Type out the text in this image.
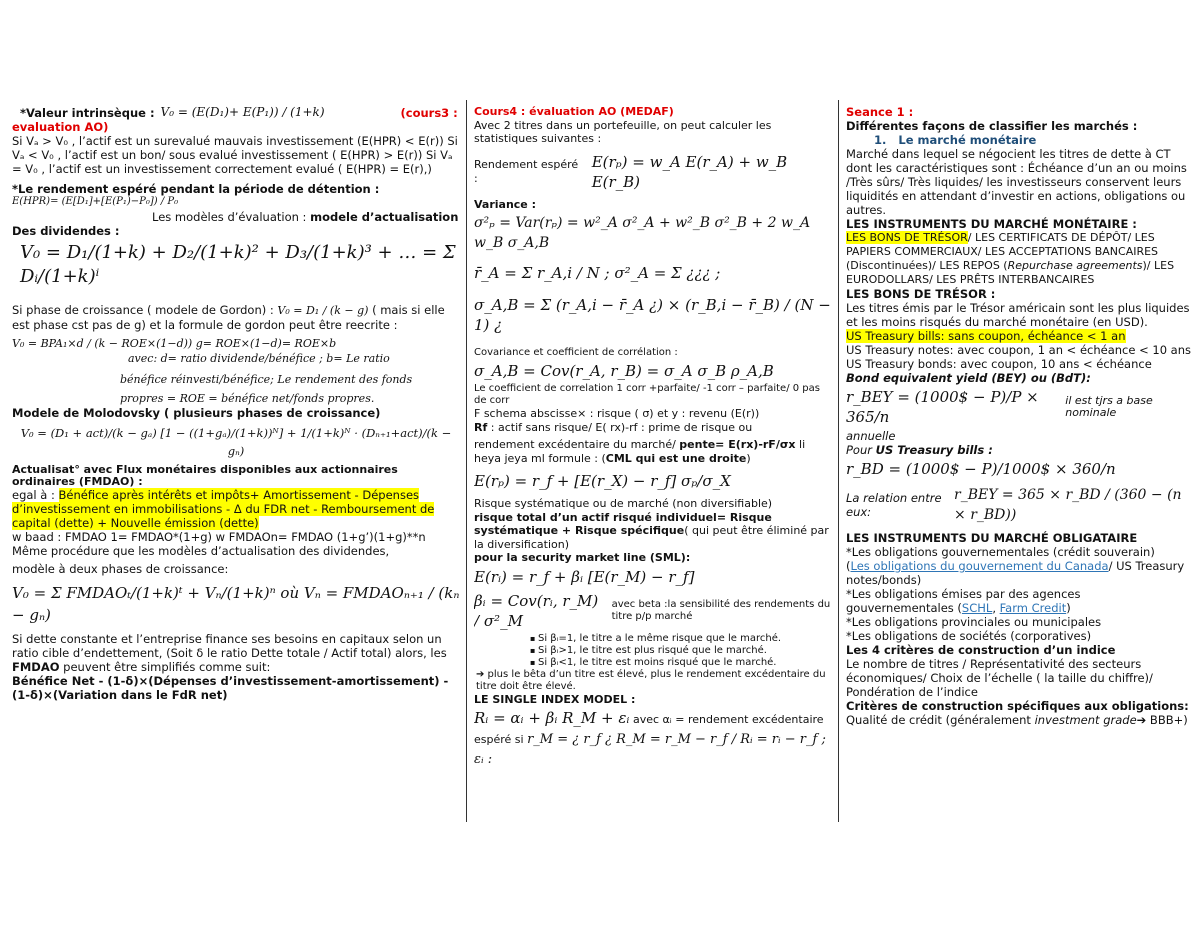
*Valeur intrinsèque : V₀ = (E(D₁)+ E(P₁)) / (1+k)	(cours3 :
evaluation AO)
Si Vₐ > V₀ , l’actif est un surevalué mauvais investissement (E(HPR) < E(r)) Si Vₐ < V₀ , l’actif est un bon/ sous evalué investissement ( E(HPR) > E(r)) Si Vₐ = V₀ , l’actif est un investissement correctement evalué ( E(HPR) = E(r),)
*Le rendement espéré pendant la période de détention :
E(HPR)= (E[D₁]+[E(P₁)−P₀]) / P₀
Les modèles d’évaluation : modele d’actualisation Des dividendes :
V₀ = D₁/(1+k) + D₂/(1+k)² + D₃/(1+k)³ + … = Σ Dᵢ/(1+k)ⁱ
Si phase de croissance ( modele de Gordon) : V₀ = D₁ / (k − g) ( mais si elle est phase cst pas de g) et la formule de gordon peut être reecrite :
V₀ = BPA₁×d / (k − ROE×(1−d)) g= ROE×(1−d)= ROE×b
avec: d= ratio dividende/bénéfice ; b= Le ratio
bénéfice réinvesti/bénéfice; Le rendement des fonds
propres = ROE = bénéfice net/fonds propres.
Modele de Molodovsky ( plusieurs phases de croissance)
V₀ = (D₁ + act)/(k − gₐ) [1 − ((1+gₐ)/(1+k))ᴺ] + 1/(1+k)ᴺ · (Dₙ₊₁+act)/(k − gₙ)
Actualisat° avec Flux monétaires disponibles aux actionnaires ordinaires (FMDAO) :
egal à : Bénéfice après intérêts et impôts+ Amortissement - Dépenses d’investissement en immobilisations - Δ du FDR net - Remboursement de capital (dette) + Nouvelle émission (dette)
w baad : FMDAO 1= FMDAO*(1+g) w FMDAOn= FMDAO (1+g’)(1+g)**n
Même procédure que les modèles d’actualisation des dividendes,
modèle à deux phases de croissance:
V₀ = Σ FMDAOₜ/(1+k)ᵗ + Vₙ/(1+k)ⁿ où Vₙ = FMDAOₙ₊₁ / (kₙ − gₙ)
Si dette constante et l’entreprise finance ses besoins en capitaux selon un ratio cible d’endettement, (Soit δ le ratio Dette totale / Actif total) alors, les FMDAO peuvent être simplifiés comme suit:
Bénéfice Net - (1-δ)×(Dépenses d’investissement-amortissement) - (1-δ)×(Variation dans le FdR net)
Cours4 : évaluation AO (MEDAF)
Avec 2 titres dans un portefeuille, on peut calculer les statistiques suivantes :
Rendement espéré :
E(rₚ) = w_A E(r_A) + w_B E(r_B)
Variance :
σ²ₚ = Var(rₚ) = w²_A σ²_A + w²_B σ²_B + 2 w_A w_B σ_A,B
r̄_A = Σ r_A,i / N ; σ²_A = Σ ¿¿¿ ;
σ_A,B = Σ (r_A,i − r̄_A ¿) × (r_B,i − r̄_B) / (N − 1) ¿
Covariance et coefficient de corrélation :
σ_A,B = Cov(r_A, r_B) = σ_A σ_B ρ_A,B
Le coefficient de correlation 1 corr +parfaite/ -1 corr – parfaite/ 0 pas de corr
F schema abscisse× : risque ( σ) et y : revenu (E(r))
Rf : actif sans risque/ E( rx)-rf : prime de risque ou
rendement excédentaire du marché/ pente= E(rx)-rF/σx li heya jeya ml formule : (CML qui est une droite)
E(rₚ) = r_f + [E(r_X) − r_f] σₚ/σ_X
Risque systématique ou de marché (non diversifiable)
risque total d’un actif risqué individuel= Risque systématique + Risque spécifique( qui peut être éliminé par la diversification)
pour la security market line (SML):
E(rᵢ) = r_f + βᵢ [E(r_M) − r_f]
βᵢ = Cov(rᵢ, r_M) / σ²_M
avec beta :la sensibilité des rendements du titre p/p marché
▪ Si βᵢ=1, le titre a le même risque que le marché.
▪ Si βᵢ>1, le titre est plus risqué que le marché.
▪ Si βᵢ<1, le titre est moins risqué que le marché.
➔ plus le bêta d’un titre est élevé, plus le rendement excédentaire du titre doit être élevé.
LE SINGLE INDEX MODEL :
Rᵢ = αᵢ + βᵢ R_M + εᵢ avec αᵢ = rendement excédentaire
espéré si r_M = ¿ r_f ¿ R_M = r_M − r_f / Rᵢ = rᵢ − r_f ; εᵢ :
Seance 1 :
Différentes façons de classifier les marchés :
1. Le marché monétaire
Marché dans lequel se négocient les titres de dette à CT dont les caractéristiques sont : Échéance d’un an ou moins /Très sûrs/ Très liquides/ les investisseurs conservent leurs liquidités en attendant d’investir en actions, obligations ou autres.
LES INSTRUMENTS DU MARCHÉ MONÉTAIRE :
LES BONS DE TRÉSOR/ LES CERTIFICATS DE DÉPÔT/ LES PAPIERS COMMERCIAUX/ LES ACCEPTATIONS BANCAIRES (Discontinuées)/ LES REPOS (Repurchase agreements)/ LES EURODOLLARS/ LES PRÊTS INTERBANCAIRES
LES BONS DE TRÉSOR :
Les titres émis par le Trésor américain sont les plus liquides et les moins risqués du marché monétaire (en USD).
US Treasury bills: sans coupon, échéance < 1 an
US Treasury notes: avec coupon, 1 an < échéance < 10 ans
US Treasury bonds: avec coupon, 10 ans < échéance
Bond equivalent yield (BEY) ou (BdT):
r_BEY = (1000$ − P)/P × 365/n
il est tjrs a base nominale
annuelle
Pour US Treasury bills :
r_BD = (1000$ − P)/1000$ × 360/n
La relation entre eux:
r_BEY = 365 × r_BD / (360 − (n × r_BD))
LES INSTRUMENTS DU MARCHÉ OBLIGATAIRE
*Les obligations gouvernementales (crédit souverain)
(Les obligations du gouvernement du Canada/ US Treasury notes/bonds)
*Les obligations émises par des agences gouvernementales (SCHL, Farm Credit)
*Les obligations provinciales ou municipales
*Les obligations de sociétés (corporatives)
Les 4 critères de construction d’un indice
Le nombre de titres / Représentativité des secteurs économiques/ Choix de l’échelle ( la taille du chiffre)/ Pondération de l’indice
Critères de construction spécifiques aux obligations:
Qualité de crédit (généralement investment grade➔ BBB+)
